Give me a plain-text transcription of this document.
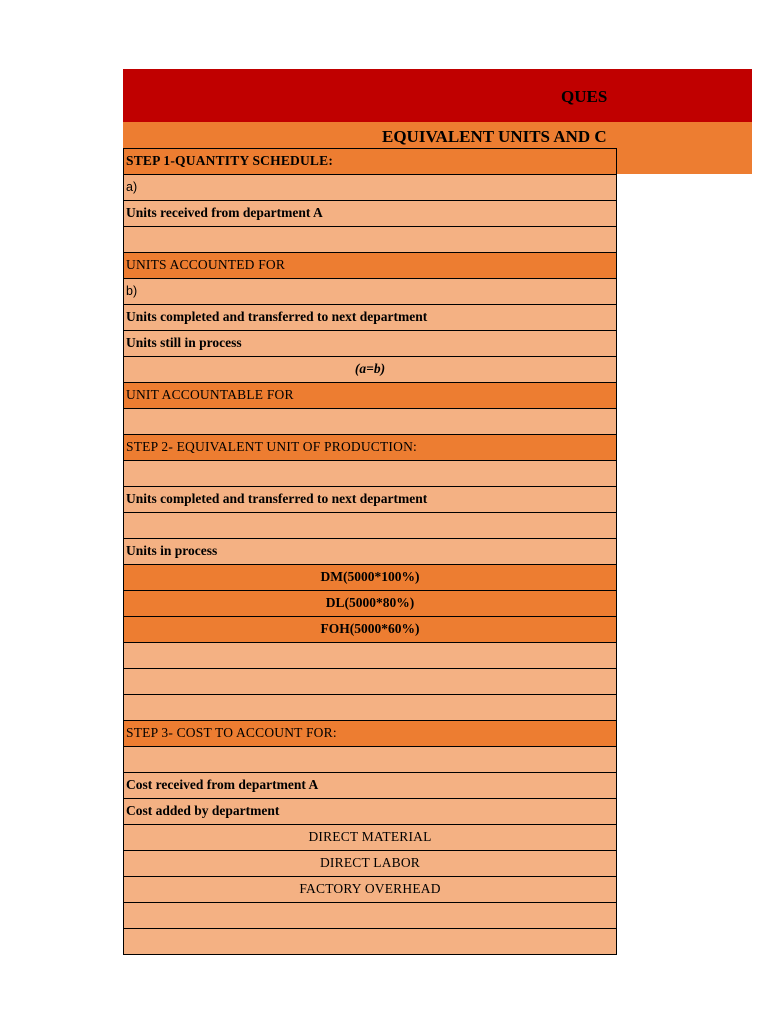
QUES
EQUIVALENT UNITS AND C
STEP 1-QUANTITY SCHEDULE:
a)
Units received from department A
UNITS ACCOUNTED FOR
b)
Units completed and transferred to next department
Units still in process
(a=b)
UNIT ACCOUNTABLE FOR
STEP 2- EQUIVALENT UNIT OF PRODUCTION:
Units completed and transferred to next department
Units in process
DM(5000*100%)
DL(5000*80%)
FOH(5000*60%)
STEP 3- COST TO ACCOUNT FOR:
Cost received from department A
Cost added by department
DIRECT MATERIAL
DIRECT LABOR
FACTORY OVERHEAD
